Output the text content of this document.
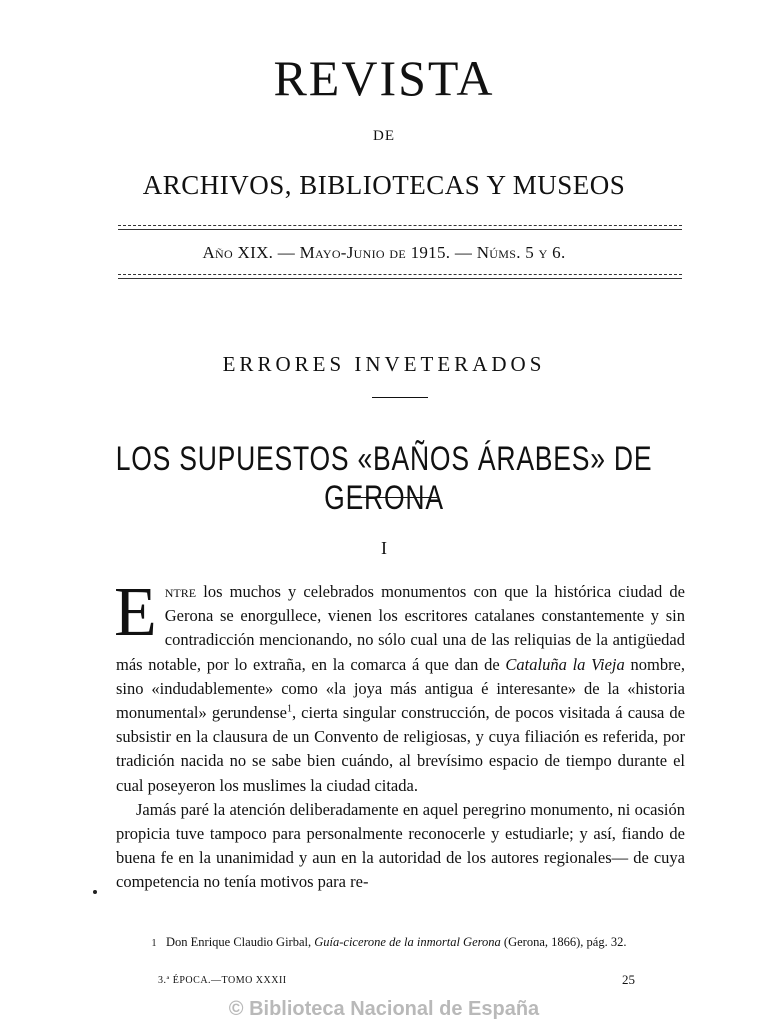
REVISTA
DE
ARCHIVOS, BIBLIOTECAS Y MUSEOS
Año XIX. — Mayo-Junio de 1915. — Núms. 5 y 6.
ERRORES INVETERADOS
LOS SUPUESTOS «BAÑOS ÁRABES» DE GERONA
I

Entre los muchos y celebrados monumentos con que la histórica ciudad de Gerona se enorgullece, vienen los escritores catalanes constantemente y sin contradicción mencionando, no sólo cual una de las reliquias de la antigüedad más notable, por lo extraña, en la comarca á que dan de Cataluña la Vieja nombre, sino «indudablemente» como «la joya más antigua é interesante» de la «historia monumental» gerundense$^1$, cierta singular construcción, de pocos visitada á causa de subsistir en la clausura de un Convento de religiosas, y cuya filiación es referida, por tradición nacida no se sabe bien cuándo, al brevísimo espacio de tiempo durante el cual poseyeron los muslimes la ciudad citada.

Jamás paré la atención deliberadamente en aquel peregrino monumento, ni ocasión propicia tuve tampoco para personalmente reconocerle y estudiarle; y así, fiando de buena fe en la unanimidad y aun en la autoridad de los autores regionales— de cuya competencia no tenía motivos para re-

1 Don Enrique Claudio Girbal, Guía-cicerone de la inmortal Gerona (Gerona, 1866), pág. 32.
3.ª ÉPOCA.—TOMO XXXII	25
© Biblioteca Nacional de España
